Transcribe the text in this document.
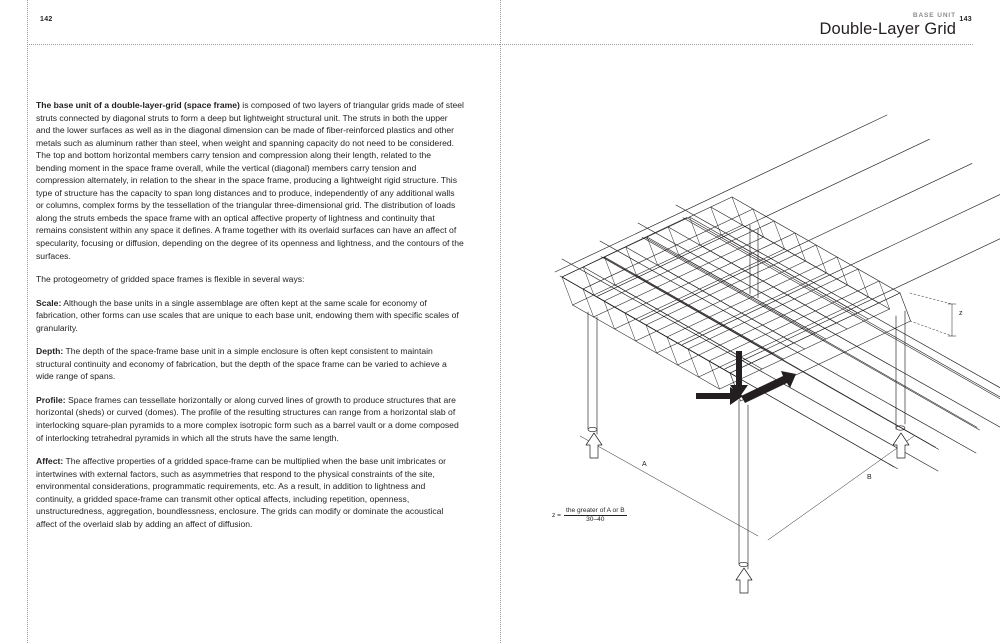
142	143
BASE UNIT
Double-Layer Grid

The base unit of a double-layer-grid (space frame) is composed of two layers of triangular grids made of steel struts connected by diagonal struts to form a deep but lightweight structural unit. The struts in both the upper and the lower surfaces as well as in the diagonal dimension can be made of fiber-reinforced plastics and other metals such as aluminum rather than steel, when weight and spanning capacity do not need to be considered. The top and bottom horizontal members carry tension and compression along their length, related to the bending moment in the space frame overall, while the vertical (diagonal) members carry tension and compression alternately, in relation to the shear in the space frame, producing a lightweight rigid structure. This type of structure has the capacity to span long distances and to produce, independently of any additional walls or columns, complex forms by the tessellation of the triangular three-dimensional grid. The distribution of loads along the struts embeds the space frame with an optical affective property of lightness and continuity that remains consistent within any space it defines. A frame together with its overlaid surfaces can have an affect of specularity, focusing or diffusion, depending on the degree of its openness and lightness, and the contours of the surfaces.

The protogeometry of gridded space frames is flexible in several ways:

Scale: Although the base units in a single assemblage are often kept at the same scale for economy of fabrication, other forms can use scales that are unique to each base unit, endowing them with specific scales of granularity.

Depth: The depth of the space-frame base unit in a simple enclosure is often kept consistent to maintain structural continuity and economy of fabrication, but the depth of the space frame can be varied to achieve a wide range of spans.

Profile: Space frames can tessellate horizontally or along curved lines of growth to produce structures that are horizontal (sheds) or curved (domes). The profile of the resulting structures can range from a horizontal slab of interlocking square-plan pyramids to a more complex isotropic form such as a barrel vault or a dome composed of interlocking tetrahedral pyramids in which all the struts have the same length.

Affect: The affective properties of a gridded space-frame can be multiplied when the base unit imbricates or intertwines with external factors, such as asymmetries that respond to the physical constraints of the site, environmental considerations, programmatic requirements, etc. As a result, in addition to lightness and continuity, a gridded space-frame can transmit other optical affects, including repetition, openness, unstructuredness, aggregation, boundlessness, enclosure. The grids can modify or dominate the acoustical affect of the overlaid slab by adding an affect of diffusion.

z
A
B
$z = \frac{\text{the greater of A or B}}{30-40}$
